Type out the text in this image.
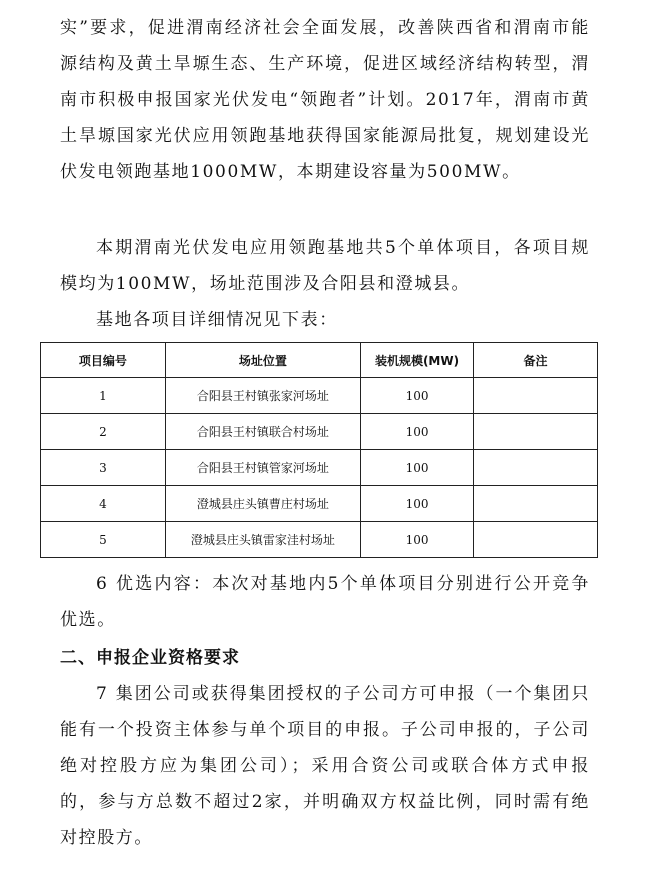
实”要求，促进渭南经济社会全面发展，改善陕西省和渭南市能源结构及黄土旱塬生态、生产环境，促进区域经济结构转型，渭南市积极申报国家光伏发电“领跑者”计划。2017年，渭南市黄土旱塬国家光伏应用领跑基地获得国家能源局批复，规划建设光伏发电领跑基地1000MW，本期建设容量为500MW。

本期渭南光伏发电应用领跑基地共5个单体项目，各项目规模均为100MW，场址范围涉及合阳县和澄城县。

基地各项目详细情况见下表：

项目编号	场址位置	装机规模(MW)	备注
1	合阳县王村镇张家河场址	100	
2	合阳县王村镇联合村场址	100	
3	合阳县王村镇管家河场址	100	
4	澄城县庄头镇曹庄村场址	100	
5	澄城县庄头镇雷家洼村场址	100	

6 优选内容：本次对基地内5个单体项目分别进行公开竞争优选。

二、申报企业资格要求

7 集团公司或获得集团授权的子公司方可申报（一个集团只能有一个投资主体参与单个项目的申报。子公司申报的，子公司绝对控股方应为集团公司）；采用合资公司或联合体方式申报的，参与方总数不超过2家，并明确双方权益比例，同时需有绝对控股方。
